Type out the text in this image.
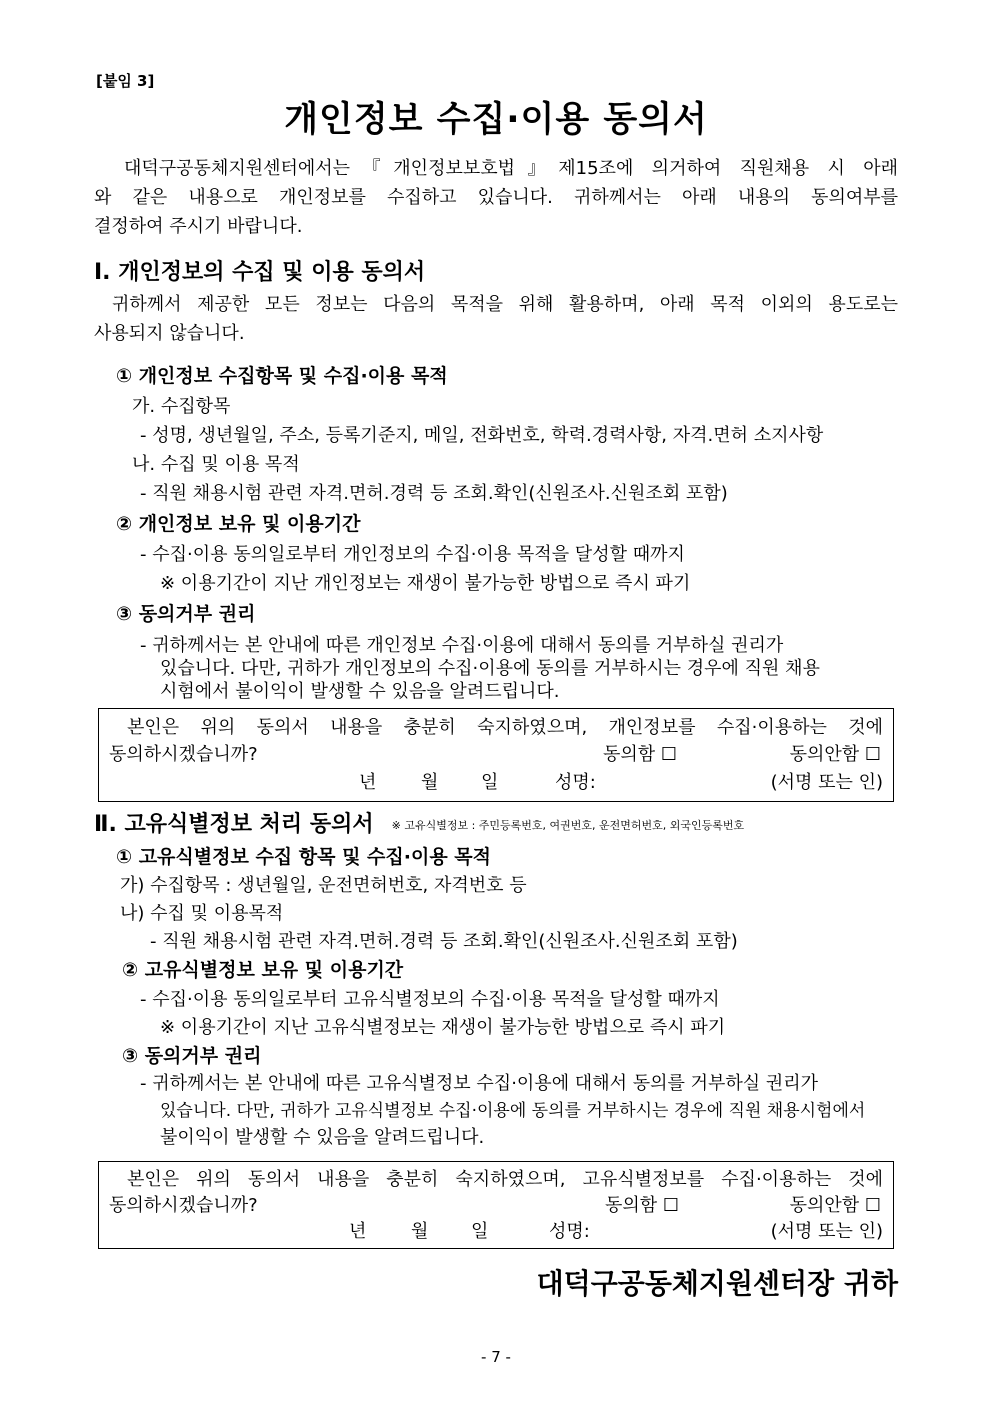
[붙임 3]
개인정보 수집·이용 동의서
대덕구공동체지원센터에서는『개인정보보호법』제15조에 의거하여 직원채용 시 아래
와 같은 내용으로 개인정보를 수집하고 있습니다. 귀하께서는 아래 내용의 동의여부를
결정하여 주시기 바랍니다.
Ⅰ. 개인정보의 수집 및 이용 동의서
귀하께서 제공한 모든 정보는 다음의 목적을 위해 활용하며, 아래 목적 이외의 용도로는
사용되지 않습니다.
① 개인정보 수집항목 및 수집·이용 목적
가. 수집항목
- 성명, 생년월일, 주소, 등록기준지, 메일, 전화번호, 학력.경력사항, 자격.면허 소지사항
나. 수집 및 이용 목적
- 직원 채용시험 관련 자격.면허.경력 등 조회.확인(신원조사.신원조회 포함)
② 개인정보 보유 및 이용기간
- 수집·이용 동의일로부터 개인정보의 수집·이용 목적을 달성할 때까지
※ 이용기간이 지난 개인정보는 재생이 불가능한 방법으로 즉시 파기
③ 동의거부 권리
- 귀하께서는 본 안내에 따른 개인정보 수집·이용에 대해서 동의를 거부하실 권리가
있습니다. 다만, 귀하가 개인정보의 수집·이용에 동의를 거부하시는 경우에 직원 채용
시험에서 불이익이 발생할 수 있음을 알려드립니다.
본인은 위의 동의서 내용을 충분히 숙지하였으며, 개인정보를 수집·이용하는 것에
동의하시겠습니까?	동의함 ☐	동의안함 ☐
년	월	일	성명:	(서명 또는 인)
Ⅱ. 고유식별정보 처리 동의서 ※ 고유식별정보 : 주민등록번호, 여권번호, 운전면허번호, 외국인등록번호
① 고유식별정보 수집 항목 및 수집·이용 목적
가) 수집항목 : 생년월일, 운전면허번호, 자격번호 등
나) 수집 및 이용목적
- 직원 채용시험 관련 자격.면허.경력 등 조회.확인(신원조사.신원조회 포함)
② 고유식별정보 보유 및 이용기간
- 수집·이용 동의일로부터 고유식별정보의 수집·이용 목적을 달성할 때까지
※ 이용기간이 지난 고유식별정보는 재생이 불가능한 방법으로 즉시 파기
③ 동의거부 권리
- 귀하께서는 본 안내에 따른 고유식별정보 수집·이용에 대해서 동의를 거부하실 권리가
있습니다. 다만, 귀하가 고유식별정보 수집·이용에 동의를 거부하시는 경우에 직원 채용시험에서
불이익이 발생할 수 있음을 알려드립니다.
본인은 위의 동의서 내용을 충분히 숙지하였으며, 고유식별정보를 수집·이용하는 것에
동의하시겠습니까?	동의함 ☐	동의안함 ☐
년	월	일	성명:	(서명 또는 인)
대덕구공동체지원센터장 귀하
- 7 -
